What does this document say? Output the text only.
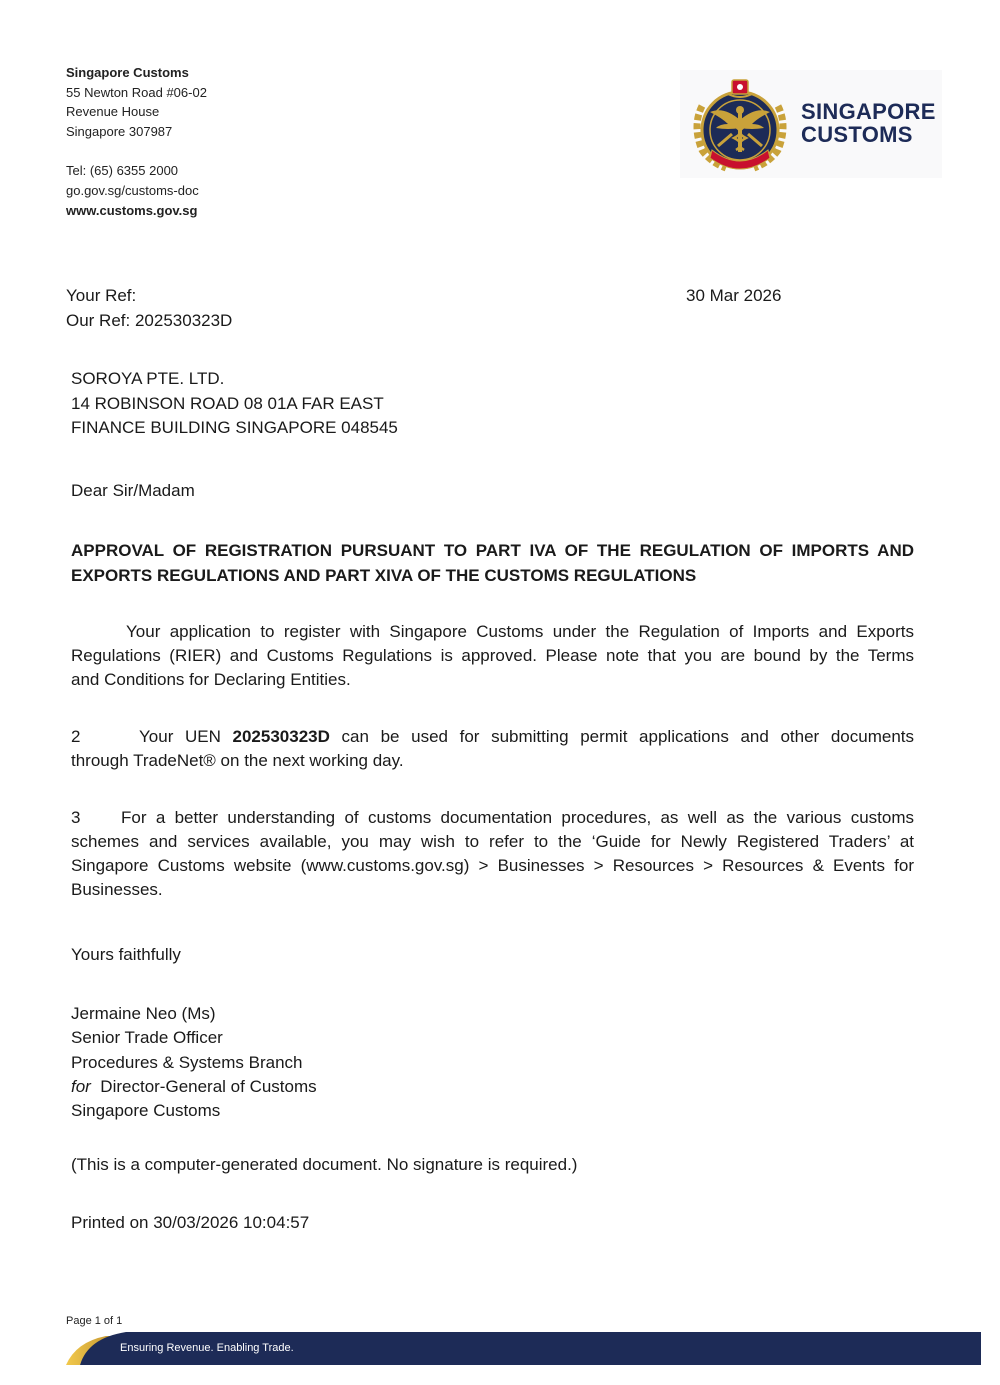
Singapore Customs
55 Newton Road #06-02
Revenue House
Singapore 307987
Tel: (65) 6355 2000
go.gov.sg/customs-doc
www.customs.gov.sg
SINGAPORE
CUSTOMS
Your Ref:
Our Ref: 202530323D
30 Mar 2026
SOROYA PTE. LTD.
14 ROBINSON ROAD 08 01A FAR EAST
FINANCE BUILDING SINGAPORE 048545
Dear Sir/Madam
APPROVAL OF REGISTRATION PURSUANT TO PART IVA OF THE REGULATION OF IMPORTS AND
EXPORTS REGULATIONS AND PART XIVA OF THE CUSTOMS REGULATIONS
Your application to register with Singapore Customs under the Regulation of Imports and Exports
Regulations (RIER) and Customs Regulations is approved. Please note that you are bound by the Terms
and Conditions for Declaring Entities.
2	Your UEN 202530323D can be used for submitting permit applications and other documents
through TradeNet® on the next working day.
3 For a better understanding of customs documentation procedures, as well as the various customs
schemes and services available, you may wish to refer to the ‘Guide for Newly Registered Traders’ at
Singapore Customs website (www.customs.gov.sg) > Businesses > Resources > Resources & Events for
Businesses.
Yours faithfully
Jermaine Neo (Ms)
Senior Trade Officer
Procedures & Systems Branch
for Director-General of Customs
Singapore Customs
(This is a computer-generated document. No signature is required.)
Printed on 30/03/2026 10:04:57
Page 1 of 1
Ensuring Revenue. Enabling Trade.
